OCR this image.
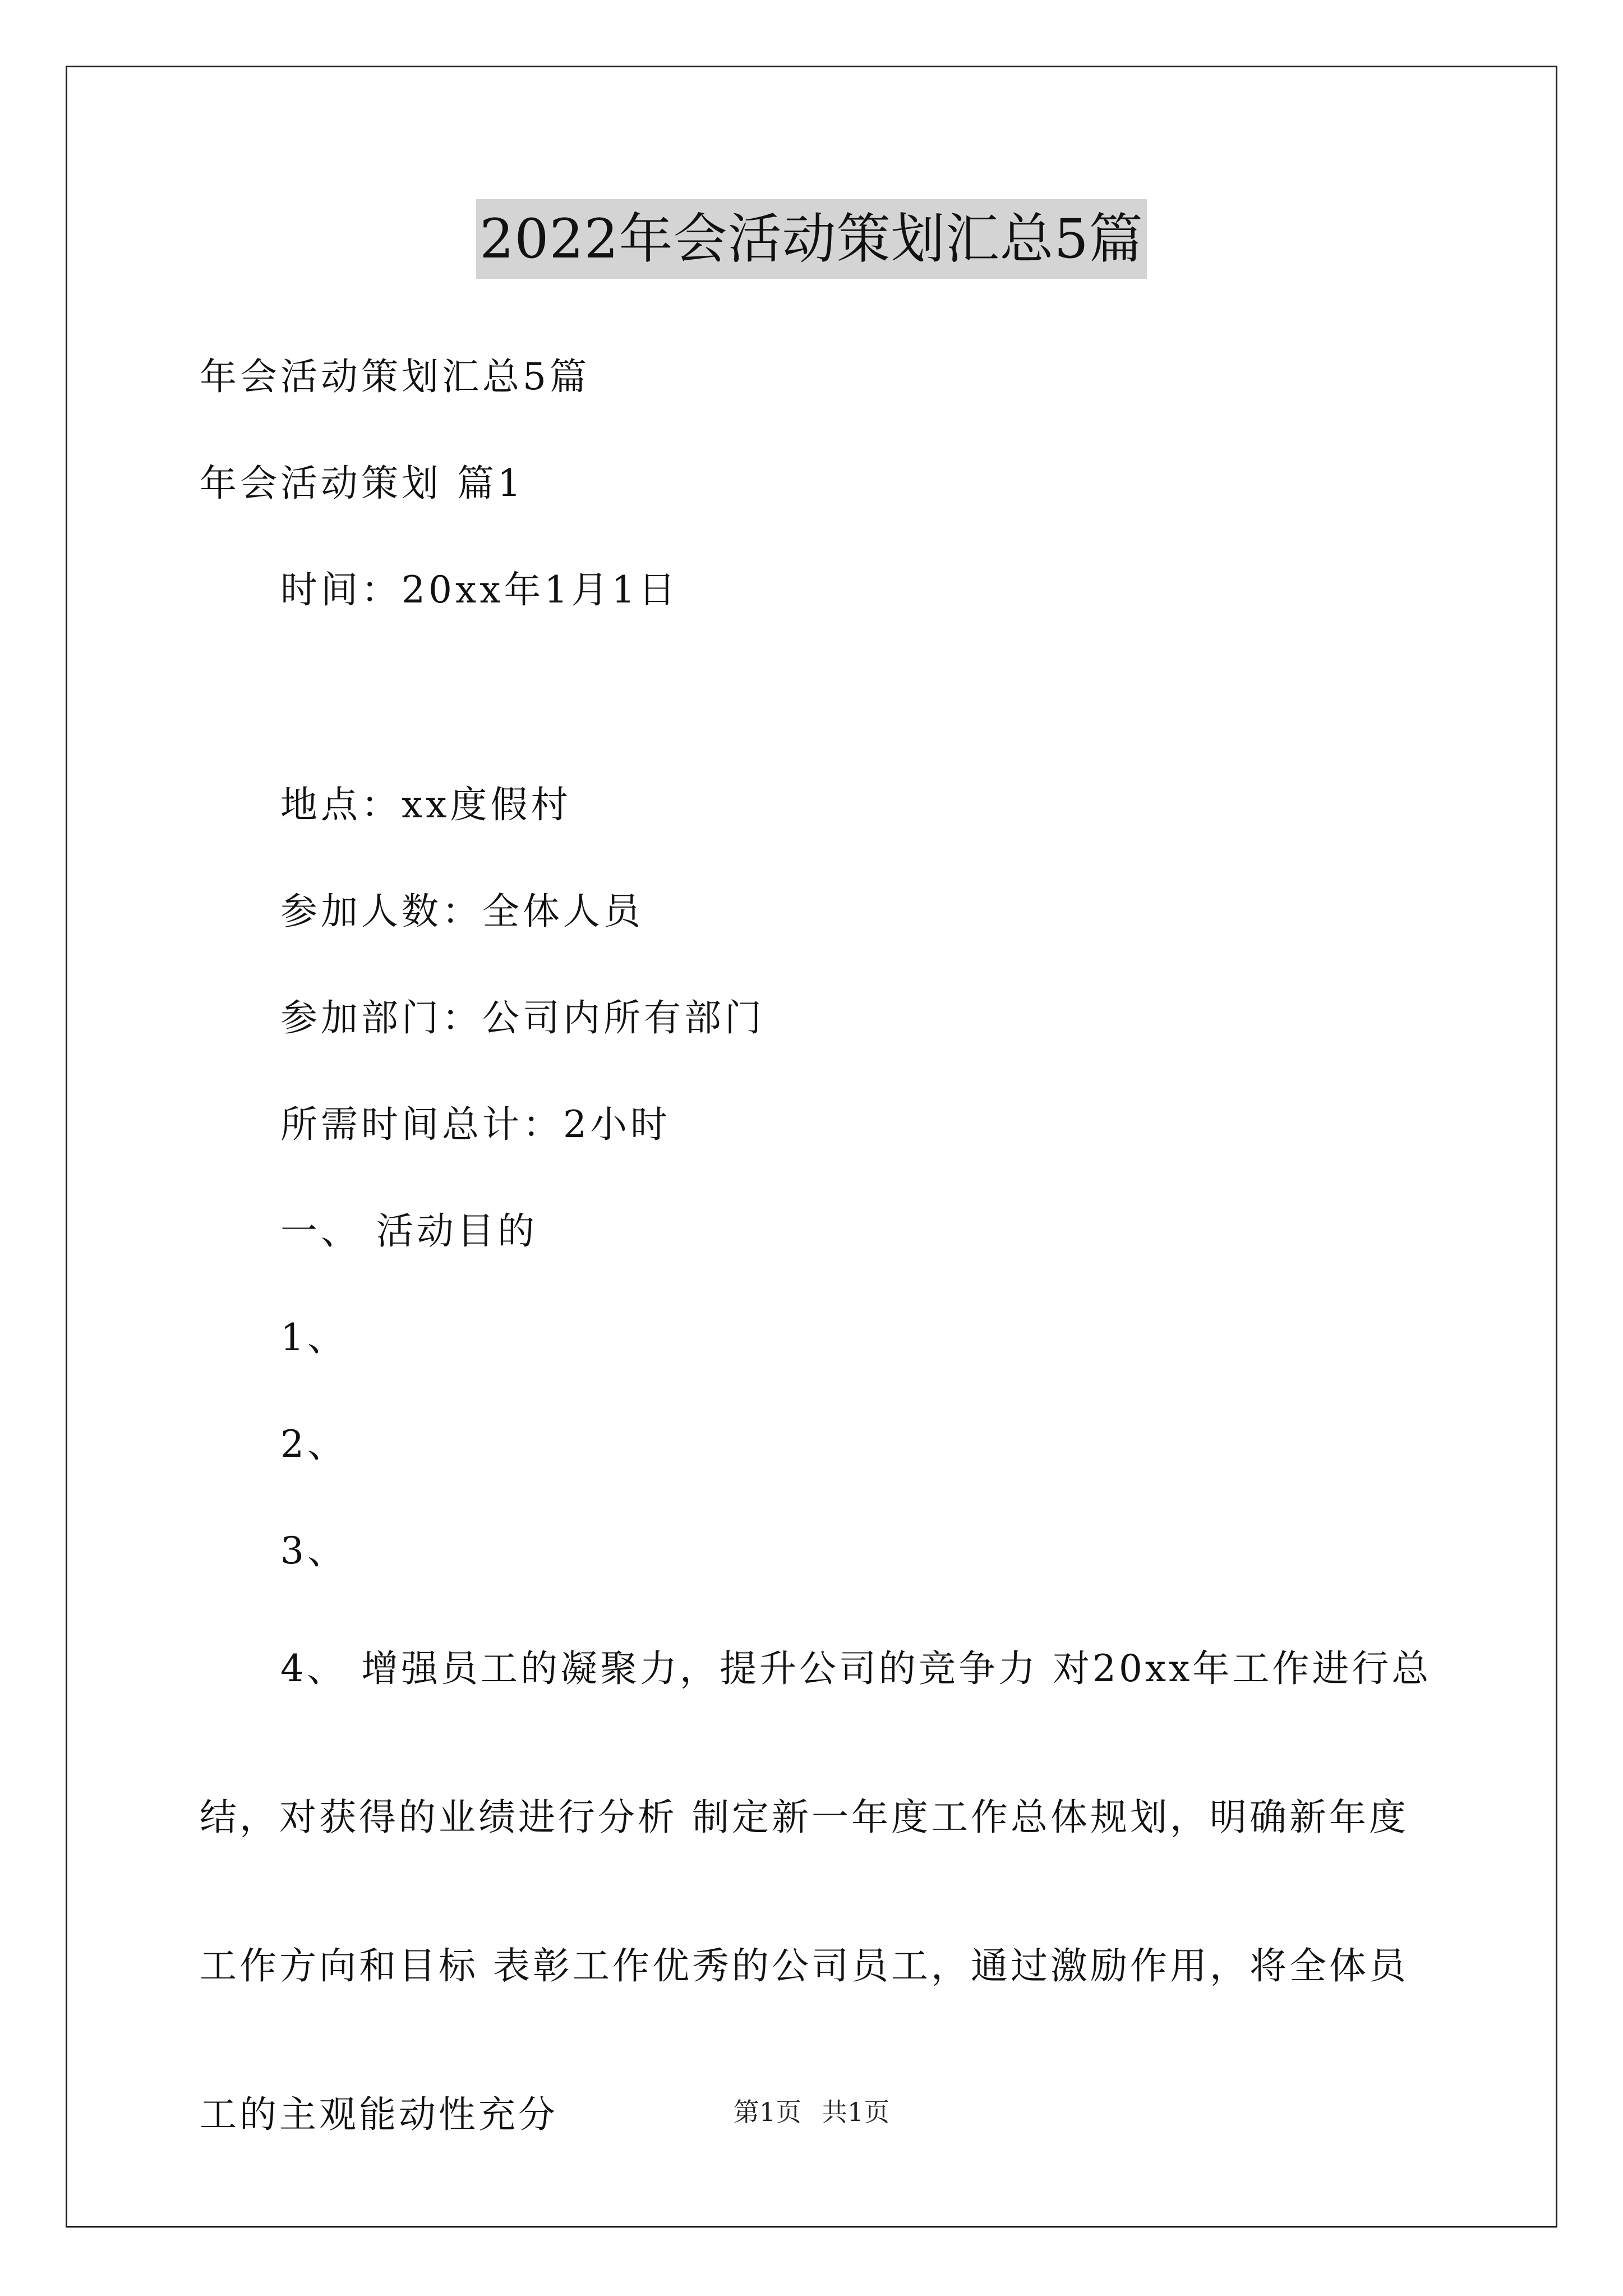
2022年会活动策划汇总5篇
年会活动策划汇总5篇
年会活动策划 篇1
时间：20xx年1月1日
地点：xx度假村
参加人数：全体人员
参加部门：公司内所有部门
所需时间总计：2小时
一、 活动目的
1、
2、
3、
4、 增强员工的凝聚力，提升公司的竞争力 对20xx年工作进行总结，对获得的业绩进行分析 制定新一年度工作总体规划，明确新年度工作方向和目标 表彰工作优秀的公司员工，通过激励作用，将全体员工的主观能动性充分	第1页 共1页
